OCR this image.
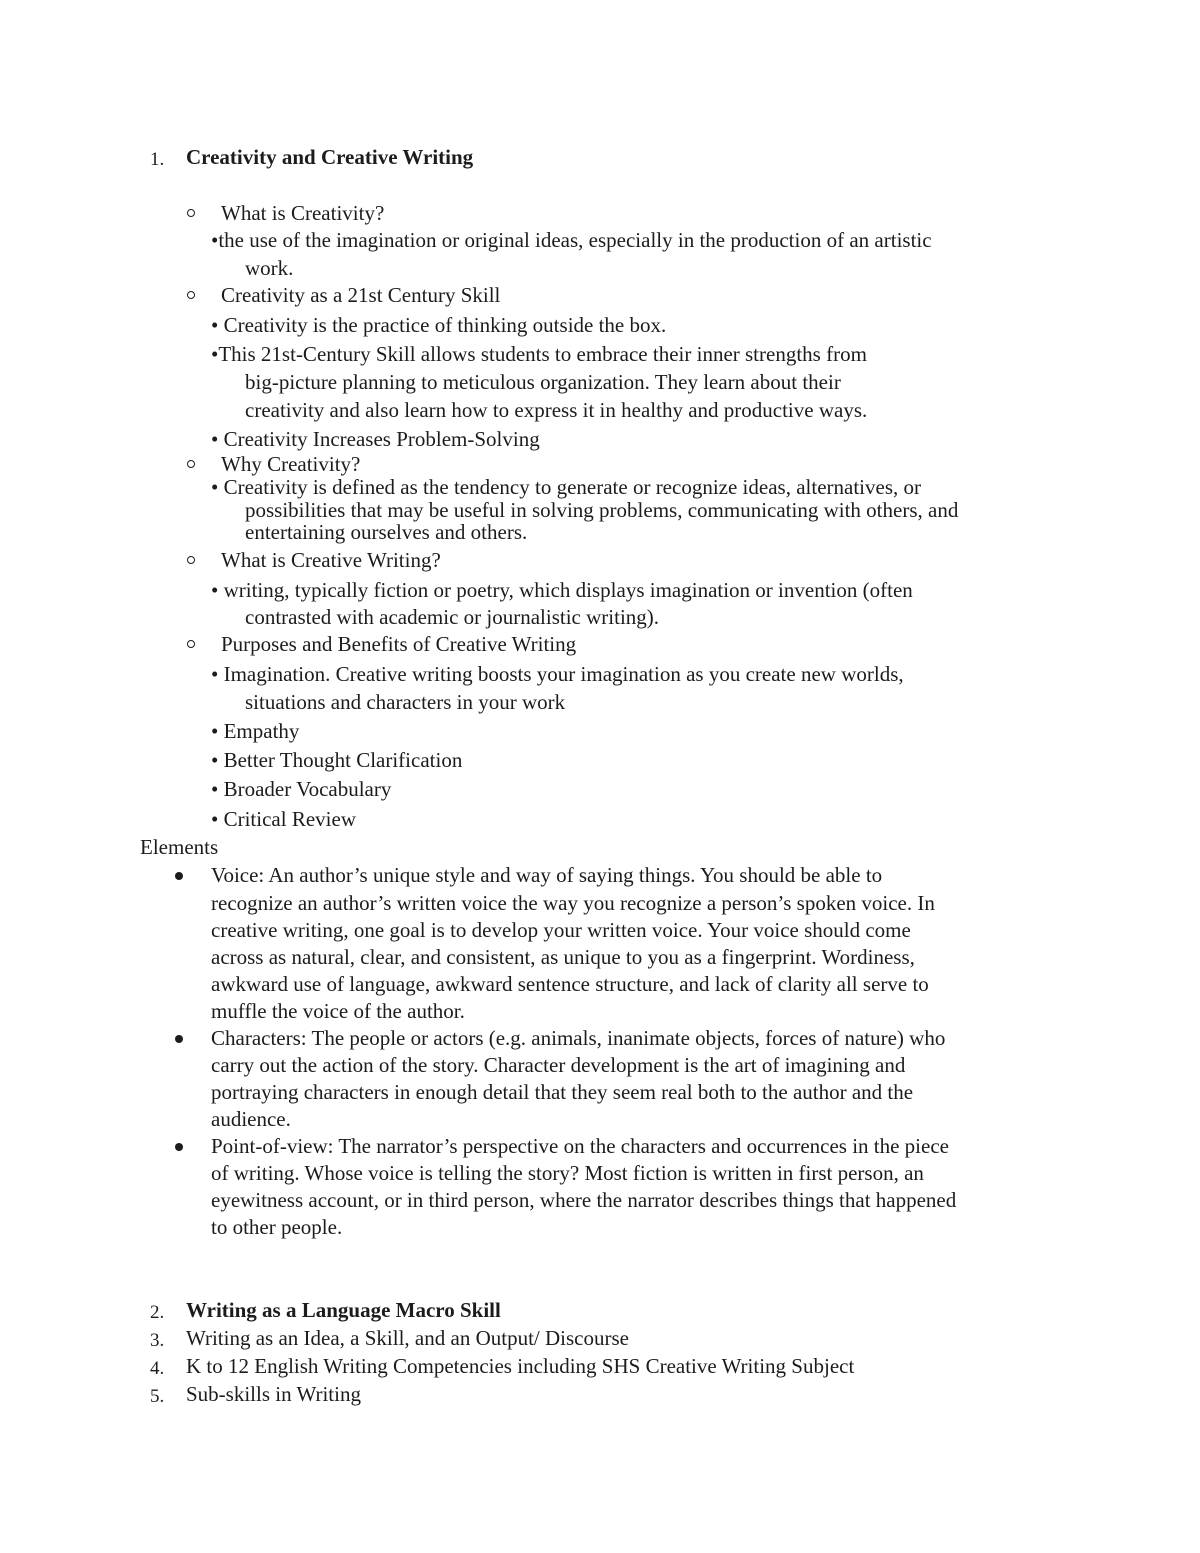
1. Creativity and Creative Writing
What is Creativity?
•the use of the imagination or original ideas, especially in the production of an artistic
work.
Creativity as a 21st Century Skill
• Creativity is the practice of thinking outside the box.
•This 21st-Century Skill allows students to embrace their inner strengths from
big-picture planning to meticulous organization. They learn about their
creativity and also learn how to express it in healthy and productive ways.
• Creativity Increases Problem-Solving
Why Creativity?
• Creativity is defined as the tendency to generate or recognize ideas, alternatives, or
possibilities that may be useful in solving problems, communicating with others, and
entertaining ourselves and others.
What is Creative Writing?
• writing, typically fiction or poetry, which displays imagination or invention (often
contrasted with academic or journalistic writing).
Purposes and Benefits of Creative Writing
• Imagination. Creative writing boosts your imagination as you create new worlds,
situations and characters in your work
• Empathy
• Better Thought Clarification
• Broader Vocabulary
• Critical Review
Elements
Voice: An author’s unique style and way of saying things. You should be able to
recognize an author’s written voice the way you recognize a person’s spoken voice. In
creative writing, one goal is to develop your written voice. Your voice should come
across as natural, clear, and consistent, as unique to you as a fingerprint. Wordiness,
awkward use of language, awkward sentence structure, and lack of clarity all serve to
muffle the voice of the author.
Characters: The people or actors (e.g. animals, inanimate objects, forces of nature) who
carry out the action of the story. Character development is the art of imagining and
portraying characters in enough detail that they seem real both to the author and the
audience.
Point-of-view: The narrator’s perspective on the characters and occurrences in the piece
of writing. Whose voice is telling the story? Most fiction is written in first person, an
eyewitness account, or in third person, where the narrator describes things that happened
to other people.
2. Writing as a Language Macro Skill
3. Writing as an Idea, a Skill, and an Output/ Discourse
4. K to 12 English Writing Competencies including SHS Creative Writing Subject
5. Sub-skills in Writing
